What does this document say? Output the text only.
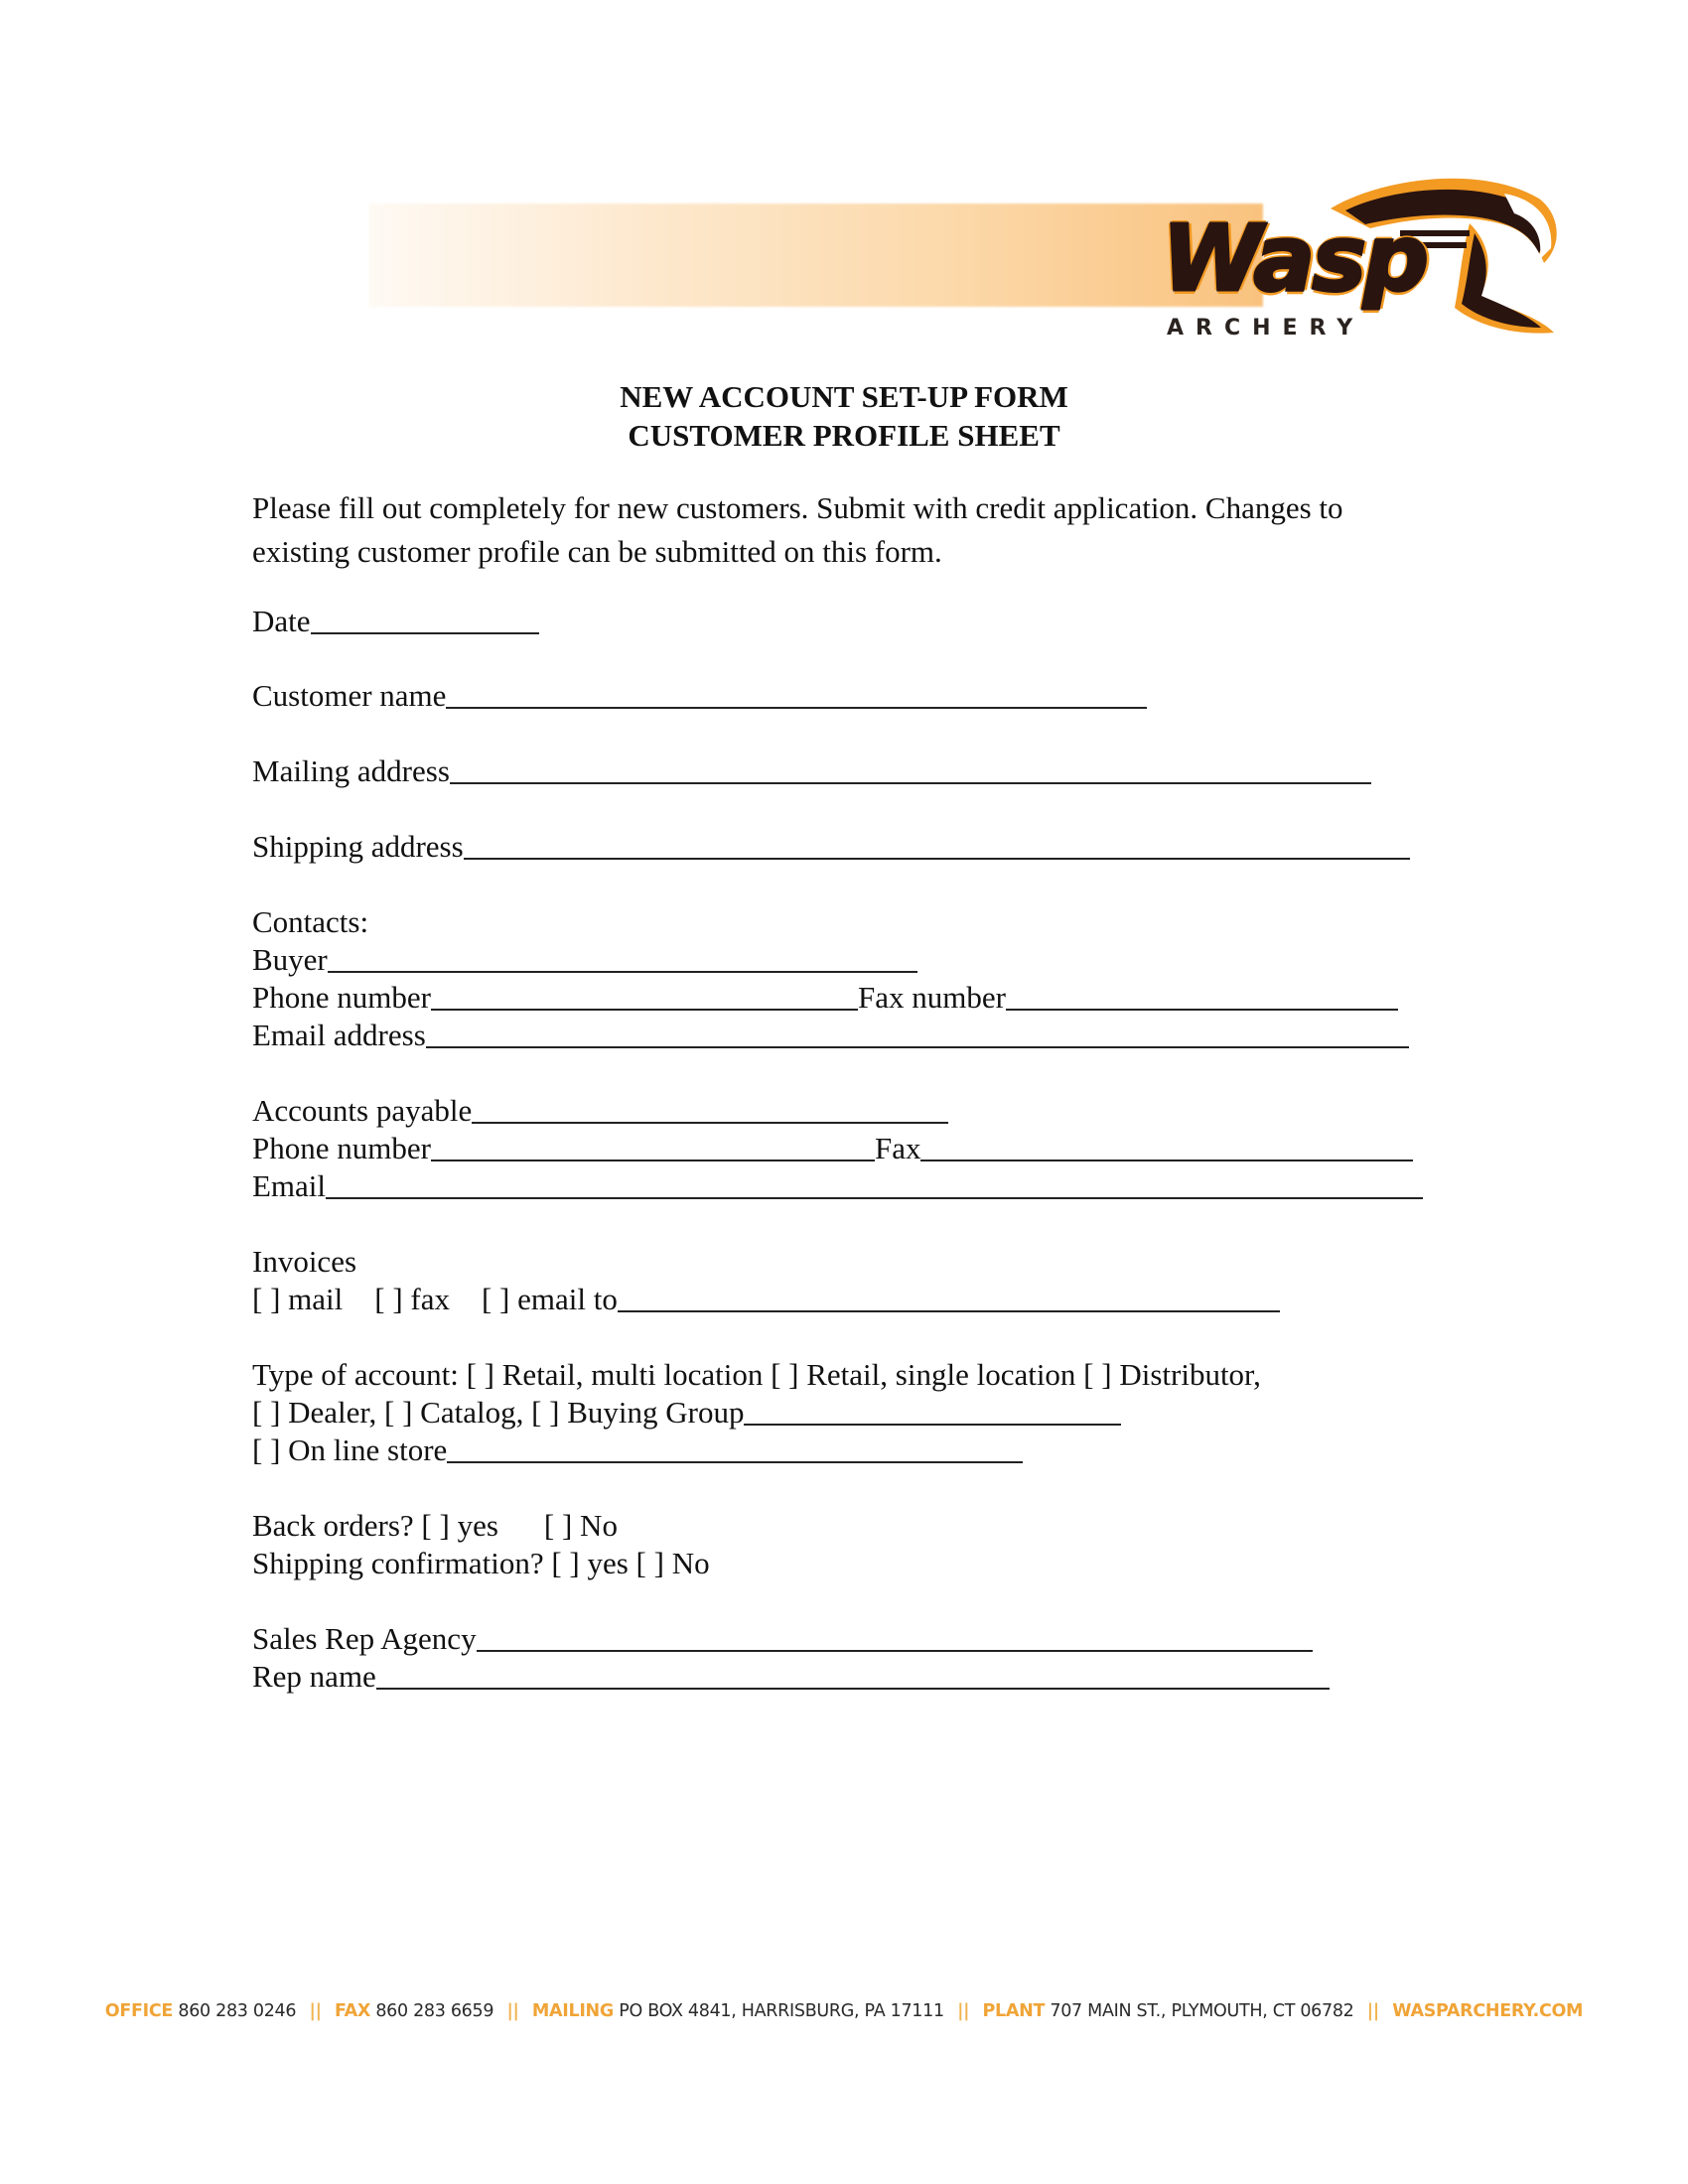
Wasp
ARCHERY
NEW ACCOUNT SET-UP FORM
CUSTOMER PROFILE SHEET
Please fill out completely for new customers. Submit with credit application. Changes to existing customer profile can be submitted on this form.
Date
Customer name
Mailing address
Shipping address
Contacts:
Buyer
Phone number	Fax number
Email address
Accounts payable
Phone number	Fax
Email
Invoices
[ ] mail [ ] fax [ ] email to
Type of account: [ ] Retail, multi location [ ] Retail, single location [ ] Distributor,
[ ] Dealer, [ ] Catalog, [ ] Buying Group
[ ] On line store
Back orders? [ ] yes [ ] No
Shipping confirmation? [ ] yes [ ] No
Sales Rep Agency
Rep name
OFFICE 860 283 0246 || FAX 860 283 6659 || MAILING PO BOX 4841, HARRISBURG, PA 17111 || PLANT 707 MAIN ST., PLYMOUTH, CT 06782 || WASPARCHERY.COM
